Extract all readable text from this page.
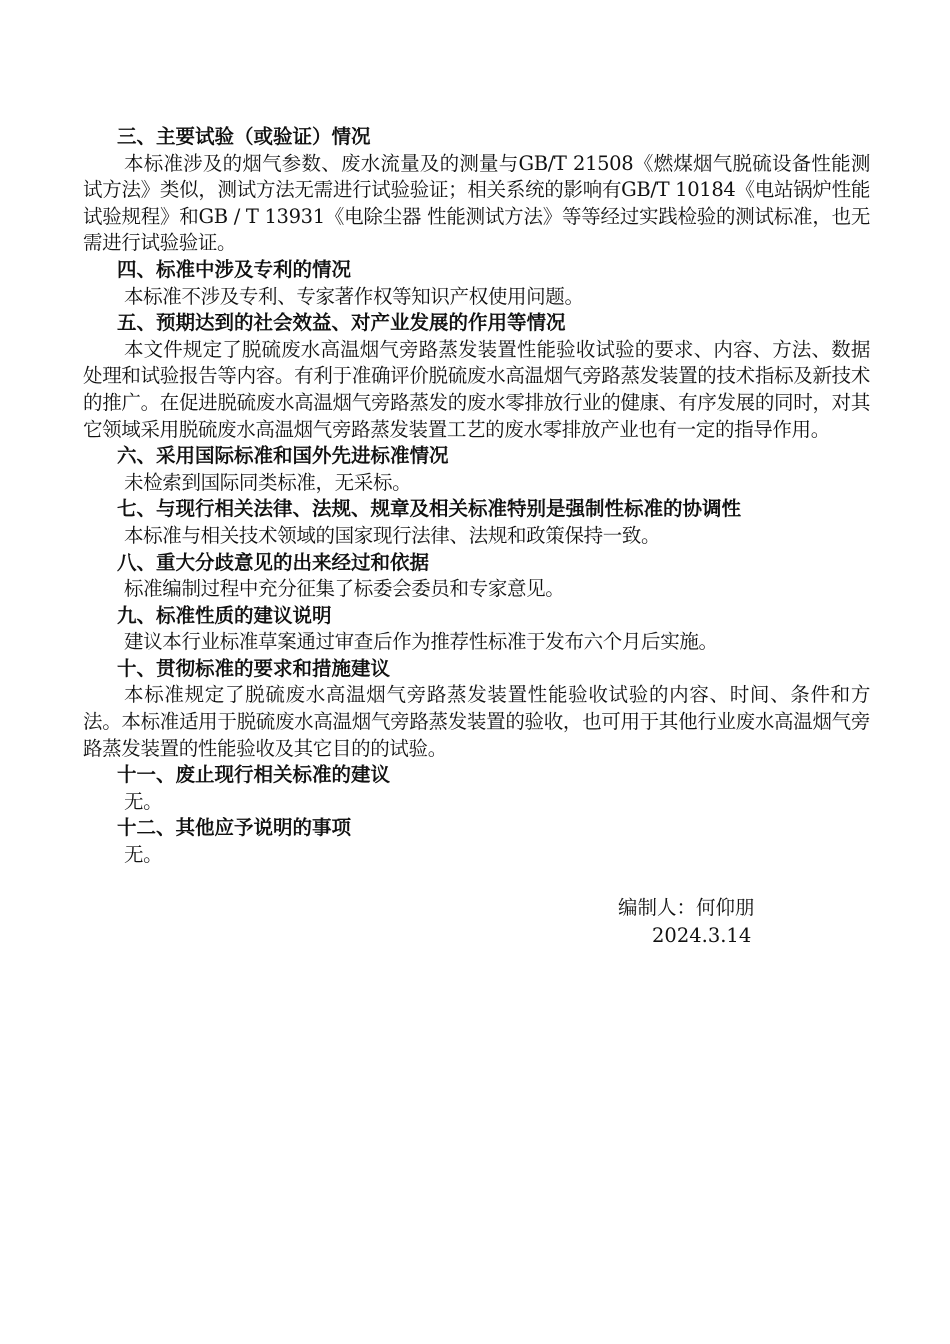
三、主要试验（或验证）情况
本标准涉及的烟气参数、废水流量及的测量与GB/T 21508《燃煤烟气脱硫设备性能测试方法》类似，测试方法无需进行试验验证；相关系统的影响有GB/T 10184《电站锅炉性能试验规程》和GB / T 13931《电除尘器 性能测试方法》等等经过实践检验的测试标准，也无需进行试验验证。
四、标准中涉及专利的情况
本标准不涉及专利、专家著作权等知识产权使用问题。
五、预期达到的社会效益、对产业发展的作用等情况
本文件规定了脱硫废水高温烟气旁路蒸发装置性能验收试验的要求、内容、方法、数据处理和试验报告等内容。有利于准确评价脱硫废水高温烟气旁路蒸发装置的技术指标及新技术的推广。在促进脱硫废水高温烟气旁路蒸发的废水零排放行业的健康、有序发展的同时，对其它领域采用脱硫废水高温烟气旁路蒸发装置工艺的废水零排放产业也有一定的指导作用。
六、采用国际标准和国外先进标准情况
未检索到国际同类标准，无采标。
七、与现行相关法律、法规、规章及相关标准特别是强制性标准的协调性
本标准与相关技术领域的国家现行法律、法规和政策保持一致。
八、重大分歧意见的出来经过和依据
标准编制过程中充分征集了标委会委员和专家意见。
九、标准性质的建议说明
建议本行业标准草案通过审查后作为推荐性标准于发布六个月后实施。
十、贯彻标准的要求和措施建议
本标准规定了脱硫废水高温烟气旁路蒸发装置性能验收试验的内容、时间、条件和方法。本标准适用于脱硫废水高温烟气旁路蒸发装置的验收，也可用于其他行业废水高温烟气旁路蒸发装置的性能验收及其它目的的试验。
十一、废止现行相关标准的建议
无。
十二、其他应予说明的事项
无。
编制人：何仰朋
2024.3.14
